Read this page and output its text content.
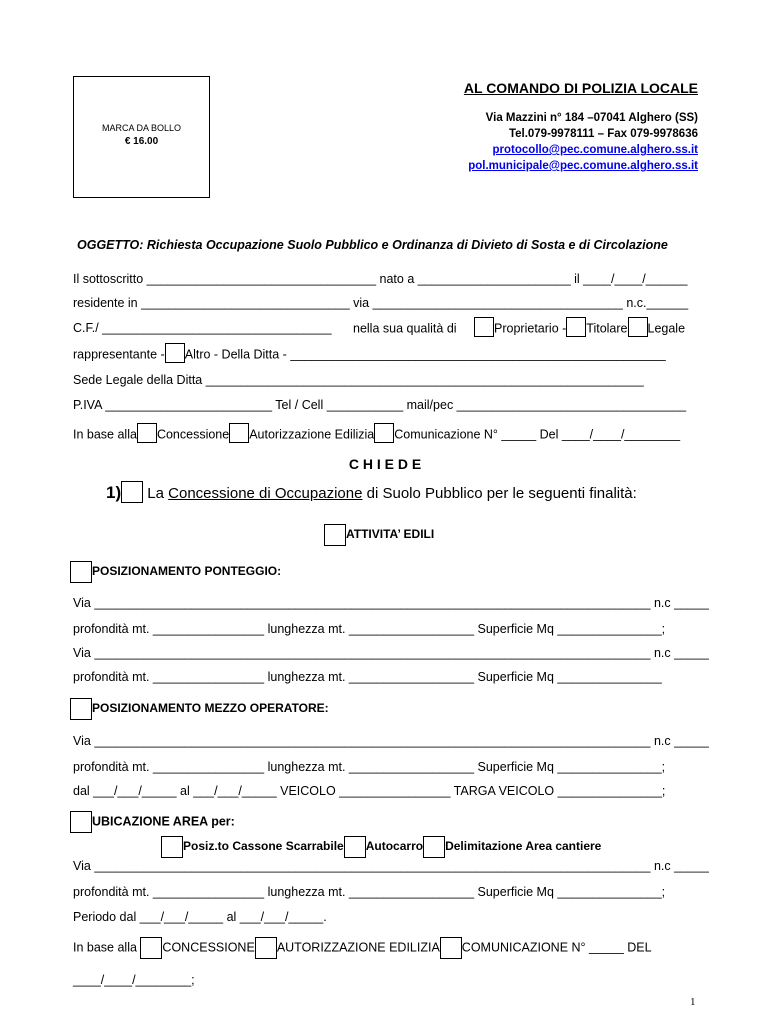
MARCA DA BOLLO
€ 16.00
AL COMANDO DI POLIZIA LOCALE
Via Mazzini n° 184 –07041 Alghero (SS)
Tel.079-9978111 – Fax 079-9978636
protocollo@pec.comune.alghero.ss.it
pol.municipale@pec.comune.alghero.ss.it
OGGETTO: Richiesta Occupazione Suolo Pubblico e Ordinanza di Divieto di Sosta e di Circolazione
Il sottoscritto _________________________________ nato a ______________________ il ____/____/______
residente in ______________________________ via ____________________________________ n.c.______
C.F./ _________________________________ nella sua qualità di	Proprietario - Titolare Legale
rappresentante - Altro - Della Ditta - ______________________________________________________
Sede Legale della Ditta _______________________________________________________________
P.IVA ________________________ Tel / Cell ___________ mail/pec _________________________________
In base alla Concessione Autorizzazione Edilizia Comunicazione N° _____ Del ____/____/________
C H I E D E
1) La Concessione di Occupazione di Suolo Pubblico per le seguenti finalità:
ATTIVITA’ EDILI
POSIZIONAMENTO PONTEGGIO:
Via ________________________________________________________________________________ n.c _____
profondità mt. ________________ lunghezza mt. __________________ Superficie Mq _______________;
Via ________________________________________________________________________________ n.c _____
profondità mt. ________________ lunghezza mt. __________________ Superficie Mq _______________
POSIZIONAMENTO MEZZO OPERATORE:
Via ________________________________________________________________________________ n.c _____
profondità mt. ________________ lunghezza mt. __________________ Superficie Mq _______________;
dal ___/___/_____ al ___/___/_____ VEICOLO ________________ TARGA VEICOLO _______________;
UBICAZIONE AREA per:
Posiz.to Cassone Scarrabile Autocarro Delimitazione Area cantiere
Via ________________________________________________________________________________ n.c _____
profondità mt. ________________ lunghezza mt. __________________ Superficie Mq _______________;
Periodo dal ___/___/_____ al ___/___/_____.
In base alla CONCESSIONE AUTORIZZAZIONE EDILIZIA COMUNICAZIONE N° _____ DEL
____/____/________;
1
